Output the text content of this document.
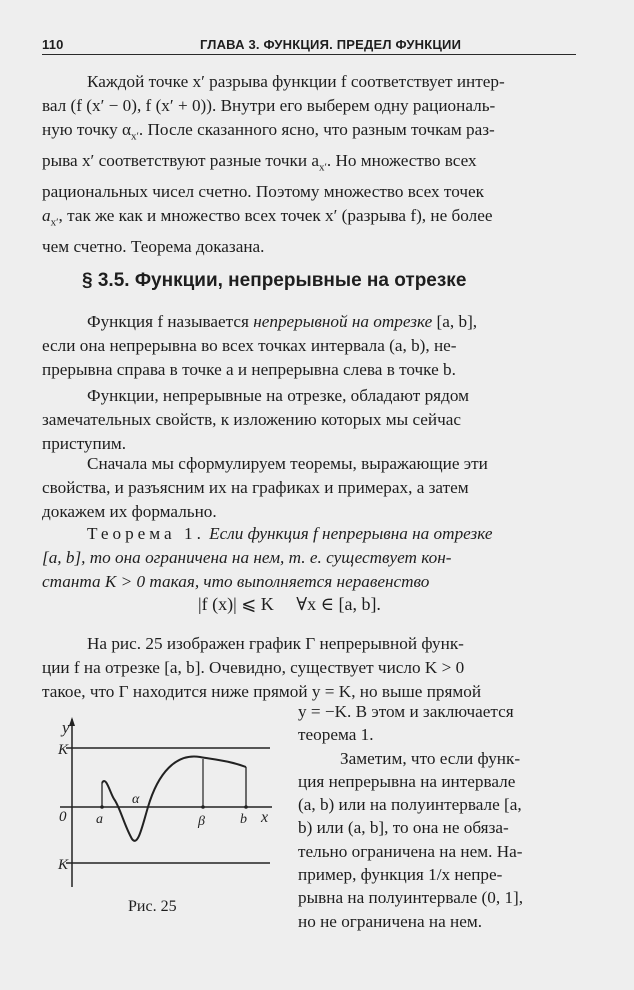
110	ГЛАВА 3. ФУНКЦИЯ. ПРЕДЕЛ ФУНКЦИИ

Каждой точке x′ разрыва функции f соответствует интер-

вал (f (x′ − 0), f (x′ + 0)). Внутри его выберем одну рациональ-

ную точку $\alpha_{x'}$. После сказанного ясно, что разным точкам раз-

рыва x′ соответствуют разные точки $a_{x'}$. Но множество всех

рациональных чисел счетно. Поэтому множество всех точек

$a_{x'}$, так же как и множество всех точек x′ (разрыва f), не более

чем счетно. Теорема доказана.

§ 3.5. Функции, непрерывные на отрезке

Функция f называется непрерывной на отрезке [a, b],

если она непрерывна во всех точках интервала (a, b), не-

прерывна справа в точке a и непрерывна слева в точке b.

Функции, непрерывные на отрезке, обладают рядом

замечательных свойств, к изложению которых мы сейчас

приступим.

Сначала мы сформулируем теоремы, выражающие эти

свойства, и разъясним их на графиках и примерах, а затем

докажем их формально.

Теорема 1. Если функция f непрерывна на отрезке

[a, b], то она ограничена на нем, т. е. существует кон-

станта K > 0 такая, что выполняется неравенство

|f (x)| ⩽ K     ∀x ∈ [a, b].

На рис. 25 изображен график Γ непрерывной функ-

ции f на отрезке [a, b]. Очевидно, существует число K > 0

такое, что Γ находится ниже прямой y = K, но выше прямой

y = −K. В этом и заключается

теорема 1.

Заметим, что если функ-

ция непрерывна на интервале

(a, b) или на полуинтервале [a,

b) или (a, b], то она не обяза-

тельно ограничена на нем. На-

пример, функция 1/x непре-

рывна на полуинтервале (0, 1],

но не ограничена на нем.

y
K
K
0 a
α
β	b x
Рис. 25
